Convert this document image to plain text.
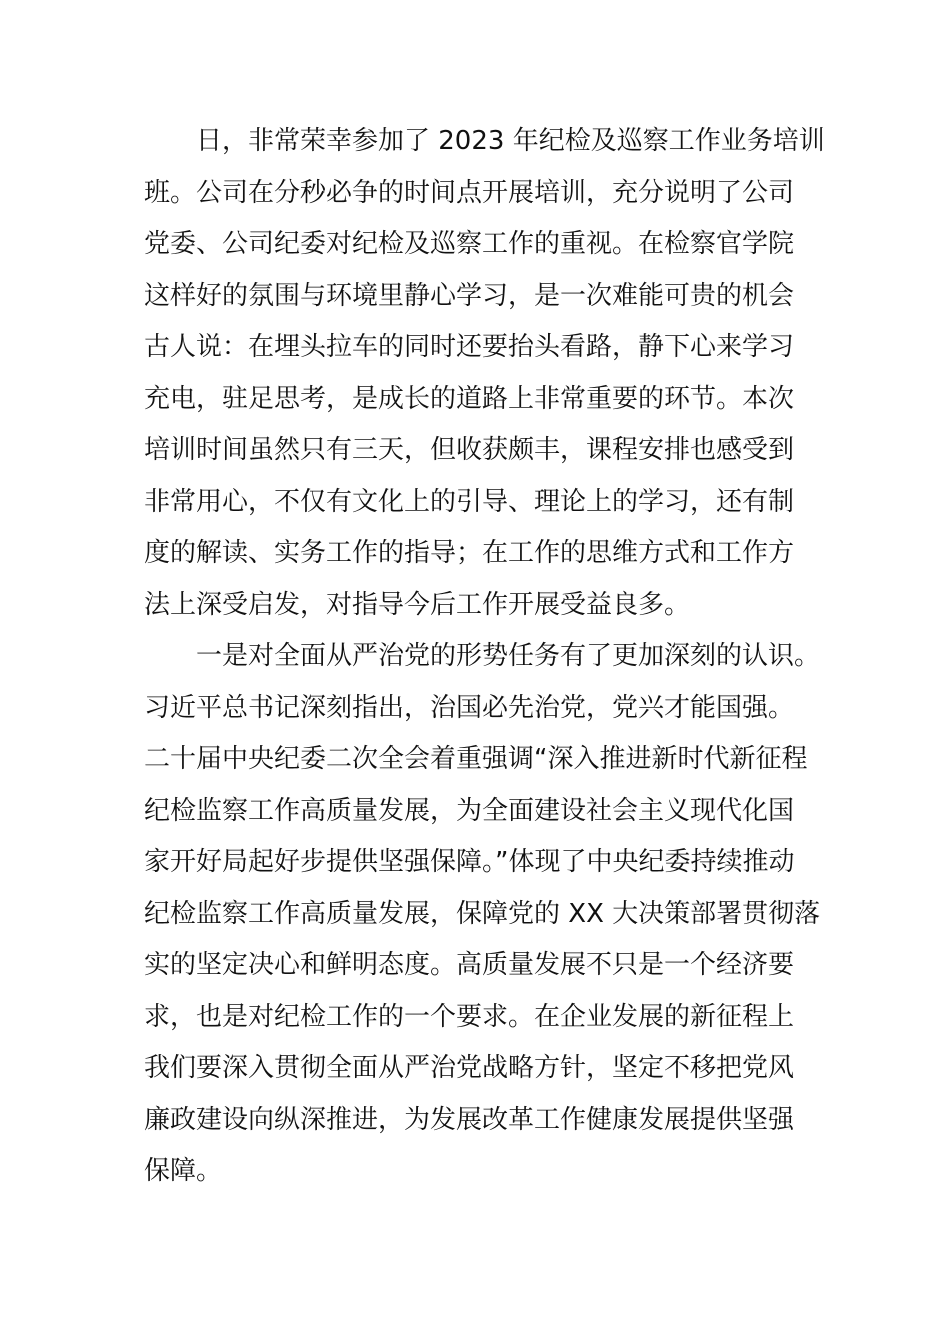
日，非常荣幸参加了 2023 年纪检及巡察工作业务培训
班。公司在分秒必争的时间点开展培训，充分说明了公司
党委、公司纪委对纪检及巡察工作的重视。在检察官学院
这样好的氛围与环境里静心学习，是一次难能可贵的机会
古人说：在埋头拉车的同时还要抬头看路，静下心来学习
充电，驻足思考，是成长的道路上非常重要的环节。本次
培训时间虽然只有三天，但收获颇丰，课程安排也感受到
非常用心，不仅有文化上的引导、理论上的学习，还有制
度的解读、实务工作的指导；在工作的思维方式和工作方
法上深受启发，对指导今后工作开展受益良多。
一是对全面从严治党的形势任务有了更加深刻的认识。
习近平总书记深刻指出，治国必先治党，党兴才能国强。
二十届中央纪委二次全会着重强调“深入推进新时代新征程
纪检监察工作高质量发展，为全面建设社会主义现代化国
家开好局起好步提供坚强保障。”体现了中央纪委持续推动
纪检监察工作高质量发展，保障党的 XX 大决策部署贯彻落
实的坚定决心和鲜明态度。高质量发展不只是一个经济要
求，也是对纪检工作的一个要求。在企业发展的新征程上
我们要深入贯彻全面从严治党战略方针，坚定不移把党风
廉政建设向纵深推进，为发展改革工作健康发展提供坚强
保障。
